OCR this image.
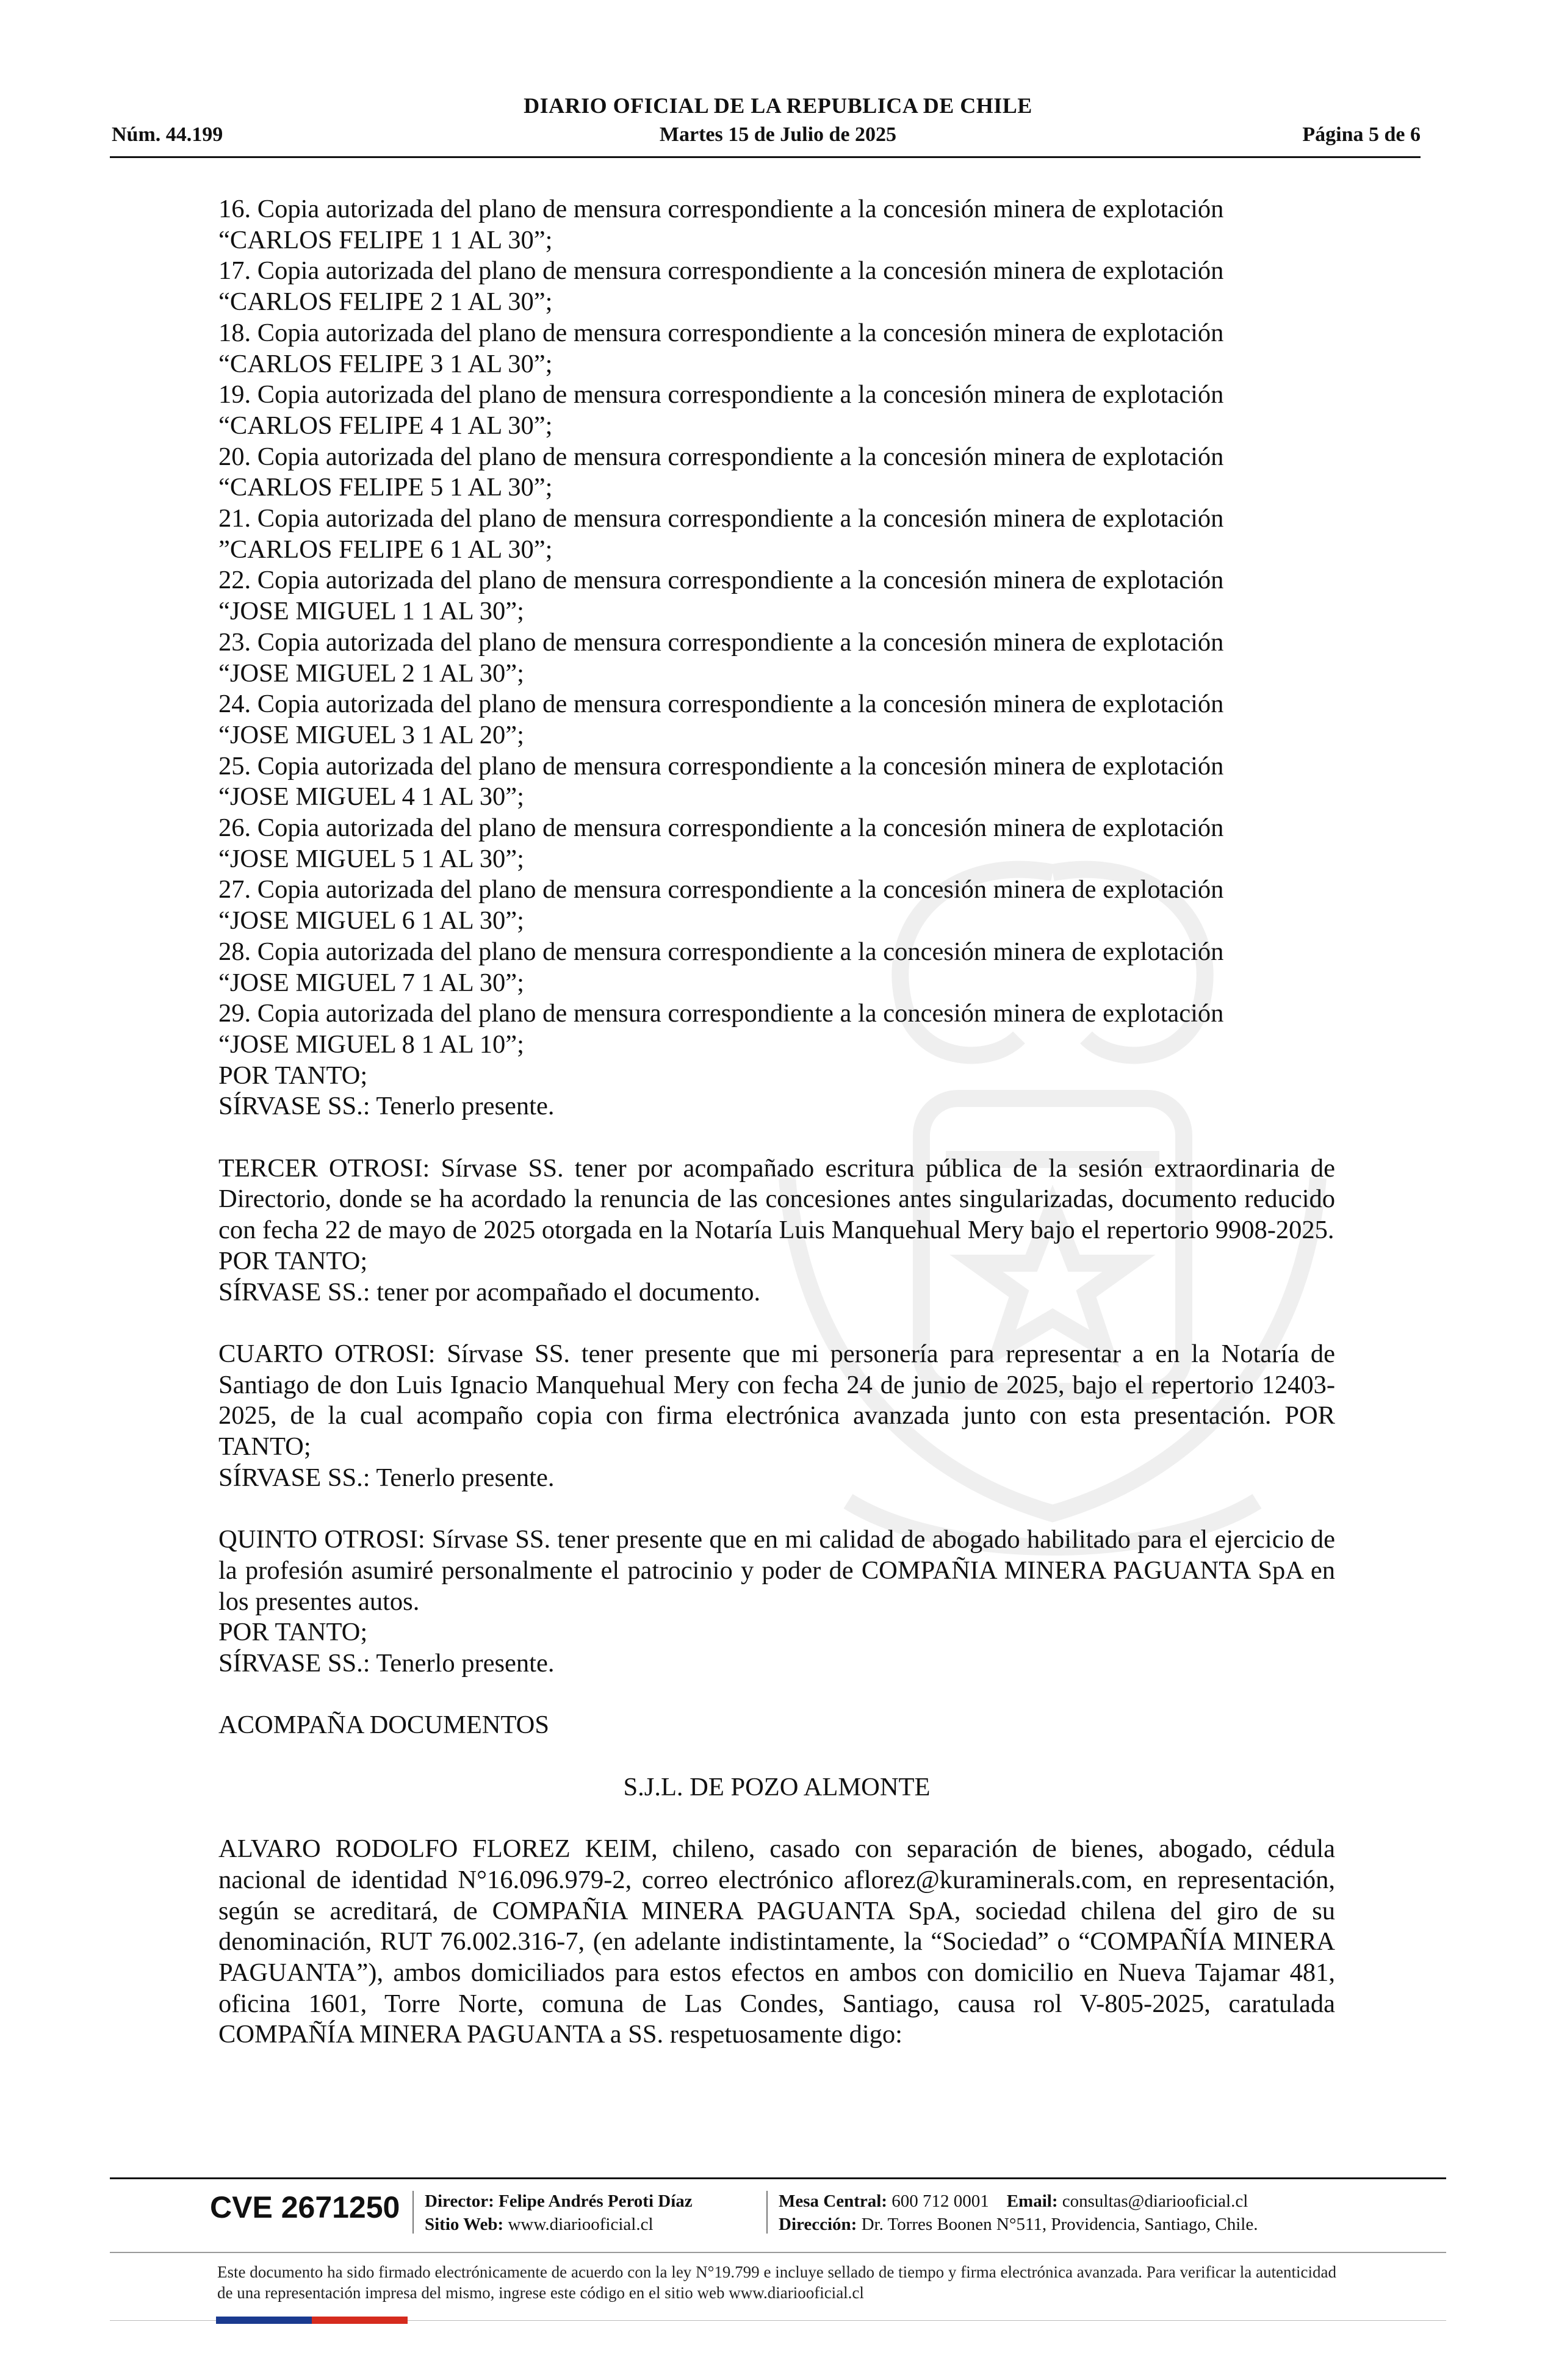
DIARIO OFICIAL DE LA REPUBLICA DE CHILE
Núm. 44.199	Martes 15 de Julio de 2025	Página 5 de 6

16. Copia autorizada del plano de mensura correspondiente a la concesión minera de explotación

“CARLOS FELIPE 1 1 AL 30”;

17. Copia autorizada del plano de mensura correspondiente a la concesión minera de explotación

“CARLOS FELIPE 2 1 AL 30”;

18. Copia autorizada del plano de mensura correspondiente a la concesión minera de explotación

“CARLOS FELIPE 3 1 AL 30”;

19. Copia autorizada del plano de mensura correspondiente a la concesión minera de explotación

“CARLOS FELIPE 4 1 AL 30”;

20. Copia autorizada del plano de mensura correspondiente a la concesión minera de explotación

“CARLOS FELIPE 5 1 AL 30”;

21. Copia autorizada del plano de mensura correspondiente a la concesión minera de explotación

”CARLOS FELIPE 6 1 AL 30”;

22. Copia autorizada del plano de mensura correspondiente a la concesión minera de explotación

“JOSE MIGUEL 1 1 AL 30”;

23. Copia autorizada del plano de mensura correspondiente a la concesión minera de explotación

“JOSE MIGUEL 2 1 AL 30”;

24. Copia autorizada del plano de mensura correspondiente a la concesión minera de explotación

“JOSE MIGUEL 3 1 AL 20”;

25. Copia autorizada del plano de mensura correspondiente a la concesión minera de explotación

“JOSE MIGUEL 4 1 AL 30”;

26. Copia autorizada del plano de mensura correspondiente a la concesión minera de explotación

“JOSE MIGUEL 5 1 AL 30”;

27. Copia autorizada del plano de mensura correspondiente a la concesión minera de explotación

“JOSE MIGUEL 6 1 AL 30”;

28. Copia autorizada del plano de mensura correspondiente a la concesión minera de explotación

“JOSE MIGUEL 7 1 AL 30”;

29. Copia autorizada del plano de mensura correspondiente a la concesión minera de explotación

“JOSE MIGUEL 8 1 AL 10”;

POR TANTO;

SÍRVASE SS.: Tenerlo presente.

TERCER OTROSI: Sírvase SS. tener por acompañado escritura pública de la sesión extraordinaria de Directorio, donde se ha acordado la renuncia de las concesiones antes singularizadas, documento reducido con fecha 22 de mayo de 2025 otorgada en la Notaría Luis Manquehual Mery bajo el repertorio 9908-2025.

POR TANTO;

SÍRVASE SS.: tener por acompañado el documento.

CUARTO OTROSI: Sírvase SS. tener presente que mi personería para representar a en la Notaría de Santiago de don Luis Ignacio Manquehual Mery con fecha 24 de junio de 2025, bajo el repertorio 12403-2025, de la cual acompaño copia con firma electrónica avanzada junto con esta presentación. POR TANTO;

SÍRVASE SS.: Tenerlo presente.

QUINTO OTROSI: Sírvase SS. tener presente que en mi calidad de abogado habilitado para el ejercicio de la profesión asumiré personalmente el patrocinio y poder de COMPAÑIA MINERA PAGUANTA SpA en los presentes autos.

POR TANTO;

SÍRVASE SS.: Tenerlo presente.

ACOMPAÑA DOCUMENTOS

S.J.L. DE POZO ALMONTE

ALVARO RODOLFO FLOREZ KEIM, chileno, casado con separación de bienes, abogado, cédula nacional de identidad N°16.096.979-2, correo electrónico aflorez@kuraminerals.com, en representación, según se acreditará, de COMPAÑIA MINERA PAGUANTA SpA, sociedad chilena del giro de su denominación, RUT 76.002.316-7, (en adelante indistintamente, la “Sociedad” o “COMPAÑÍA MINERA PAGUANTA”), ambos domiciliados para estos efectos en ambos con domicilio en Nueva Tajamar 481, oficina 1601, Torre Norte, comuna de Las Condes, Santiago, causa rol V-805-2025, caratulada COMPAÑÍA MINERA PAGUANTA a SS. respetuosamente digo:

CVE 2671250 Director: Felipe Andrés Peroti Díaz
Sitio Web: www.diariooficial.cl
Mesa Central: 600 712 0001 Email: consultas@diariooficial.cl
Dirección: Dr. Torres Boonen N°511, Providencia, Santiago, Chile.
Este documento ha sido firmado electrónicamente de acuerdo con la ley N°19.799 e incluye sellado de tiempo y firma electrónica avanzada. Para verificar la autenticidad de una representación impresa del mismo, ingrese este código en el sitio web www.diariooficial.cl
